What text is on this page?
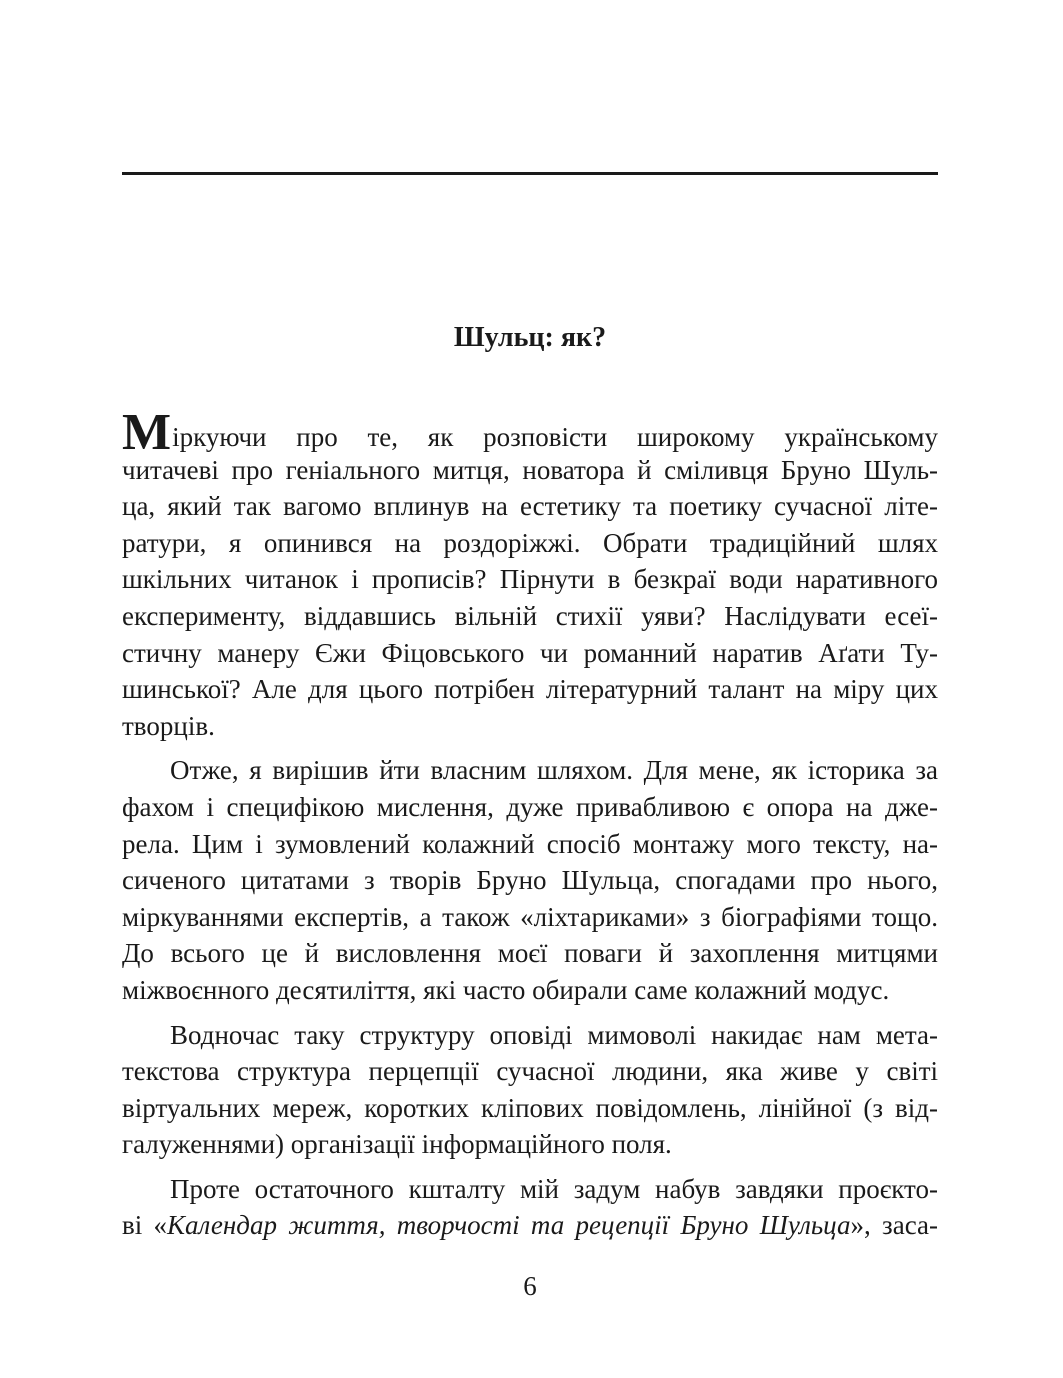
Шульц: як?
Міркуючи про те, як розповісти широкому українському
читачеві про геніального митця, новатора й сміливця Бруно Шуль-
ца, який так вагомо вплинув на естетику та поетику сучасної літе-
ратури, я опинився на роздоріжжі. Обрати традиційний шлях
шкільних читанок і прописів? Пірнути в безкраї води наративного
експерименту, віддавшись вільній стихії уяви? Наслідувати есеї-
стичну манеру Єжи Фіцовського чи романний наратив Аґати Ту-
шинської? Але для цього потрібен літературний талант на міру цих
творців.
Отже, я вирішив йти власним шляхом. Для мене, як історика за
фахом і специфікою мислення, дуже привабливою є опора на дже-
рела. Цим і зумовлений колажний спосіб монтажу мого тексту, на-
сиченого цитатами з творів Бруно Шульца, спогадами про нього,
міркуваннями експертів, а також «ліхтариками» з біографіями тощо.
До всього це й висловлення моєї поваги й захоплення митцями
міжвоєнного десятиліття, які часто обирали саме колажний модус.
Водночас таку структуру оповіді мимоволі накидає нам мета-
текстова структура перцепції сучасної людини, яка живе у світі
віртуальних мереж, коротких кліпових повідомлень, лінійної (з від-
галуженнями) організації інформаційного поля.
Проте остаточного кшталту мій задум набув завдяки проєкто-
ві «Календар життя, творчості та рецепції Бруно Шульца», заса-
6
